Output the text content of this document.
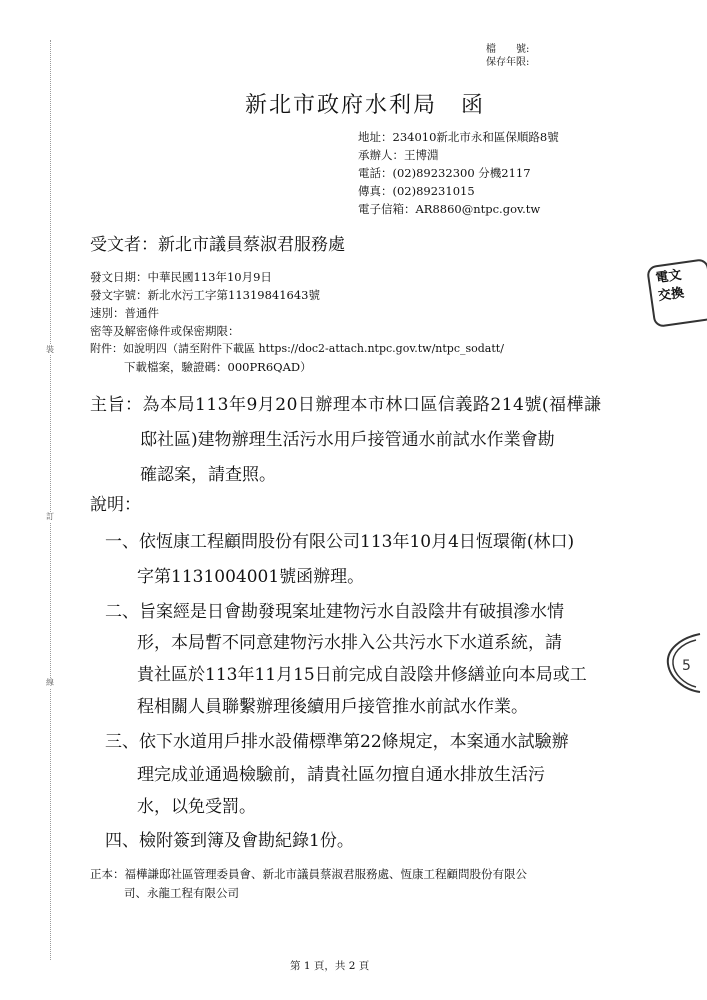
裝
訂
線
檔　　號:
保存年限:
新北市政府水利局　函
地址：234010新北市永和區保順路8號
承辦人：王博淵
電話：(02)89232300 分機2117
傳真：(02)89231015
電子信箱：AR8860@ntpc.gov.tw
受文者：新北市議員蔡淑君服務處
發文日期：中華民國113年10月9日
發文字號：新北水污工字第11319841643號
速別：普通件
密等及解密條件或保密期限：
附件：如說明四（請至附件下載區 https://doc2-attach.ntpc.gov.tw/ntpc_sodatt/
下載檔案，驗證碼：000PR6QAD）
主旨：為本局113年9月20日辦理本市林口區信義路214號(福樺謙
邸社區)建物辦理生活污水用戶接管通水前試水作業會勘
確認案，請查照。
說明：
一、依恆康工程顧問股份有限公司113年10月4日恆環衛(林口)
字第1131004001號函辦理。
二、旨案經是日會勘發現案址建物污水自設陰井有破損滲水情
形，本局暫不同意建物污水排入公共污水下水道系統，請
貴社區於113年11月15日前完成自設陰井修繕並向本局或工
程相關人員聯繫辦理後續用戶接管推水前試水作業。
三、依下水道用戶排水設備標準第22條規定，本案通水試驗辦
理完成並通過檢驗前，請貴社區勿擅自通水排放生活污
水，以免受罰。
四、檢附簽到簿及會勘紀錄1份。
正本：福樺謙邸社區管理委員會、新北市議員蔡淑君服務處、恆康工程顧問股份有限公
司、永龍工程有限公司
第 1 頁，共 2 頁
電文
交換
5
